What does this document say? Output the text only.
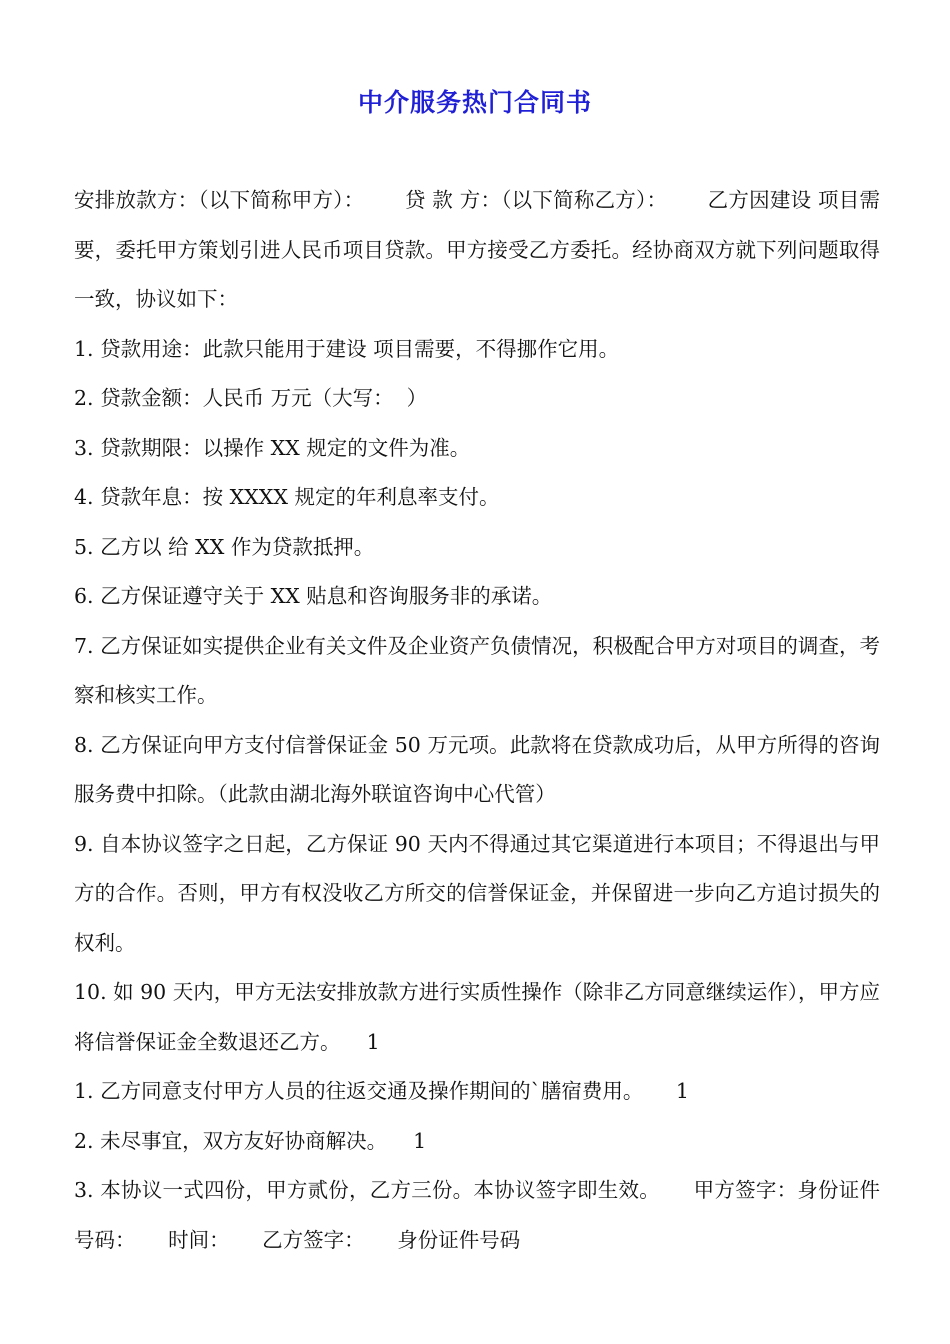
中介服务热门合同书

安排放款方：（以下简称甲方）：      贷 款 方：（以下简称乙方）：      乙方因建设 项目需要，委托甲方策划引进人民币项目贷款。甲方接受乙方委托。经协商双方就下列问题取得一致，协议如下：

1. 贷款用途：此款只能用于建设 项目需要，不得挪作它用。

2. 贷款金额：人民币 万元（大写：  ）

3. 贷款期限：以操作 XX 规定的文件为准。

4. 贷款年息：按 XXXX 规定的年利息率支付。

5. 乙方以 给 XX 作为贷款抵押。

6. 乙方保证遵守关于 XX 贴息和咨询服务非的承诺。

7. 乙方保证如实提供企业有关文件及企业资产负债情况，积极配合甲方对项目的调查，考察和核实工作。

8. 乙方保证向甲方支付信誉保证金 50 万元项。此款将在贷款成功后，从甲方所得的咨询服务费中扣除。（此款由湖北海外联谊咨询中心代管）

9. 自本协议签字之日起，乙方保证 90 天内不得通过其它渠道进行本项目；不得退出与甲方的合作。否则，甲方有权没收乙方所交的信誉保证金，并保留进一步向乙方追讨损失的权利。

10. 如 90 天内，甲方无法安排放款方进行实质性操作（除非乙方同意继续运作），甲方应将信誉保证金全数退还乙方。    1

1. 乙方同意支付甲方人员的往返交通及操作期间的`膳宿费用。     1

2. 未尽事宜，双方友好协商解决。    1

3. 本协议一式四份，甲方贰份，乙方三份。本协议签字即生效。     甲方签字：身份证件号码：     时间：     乙方签字：     身份证件号码
